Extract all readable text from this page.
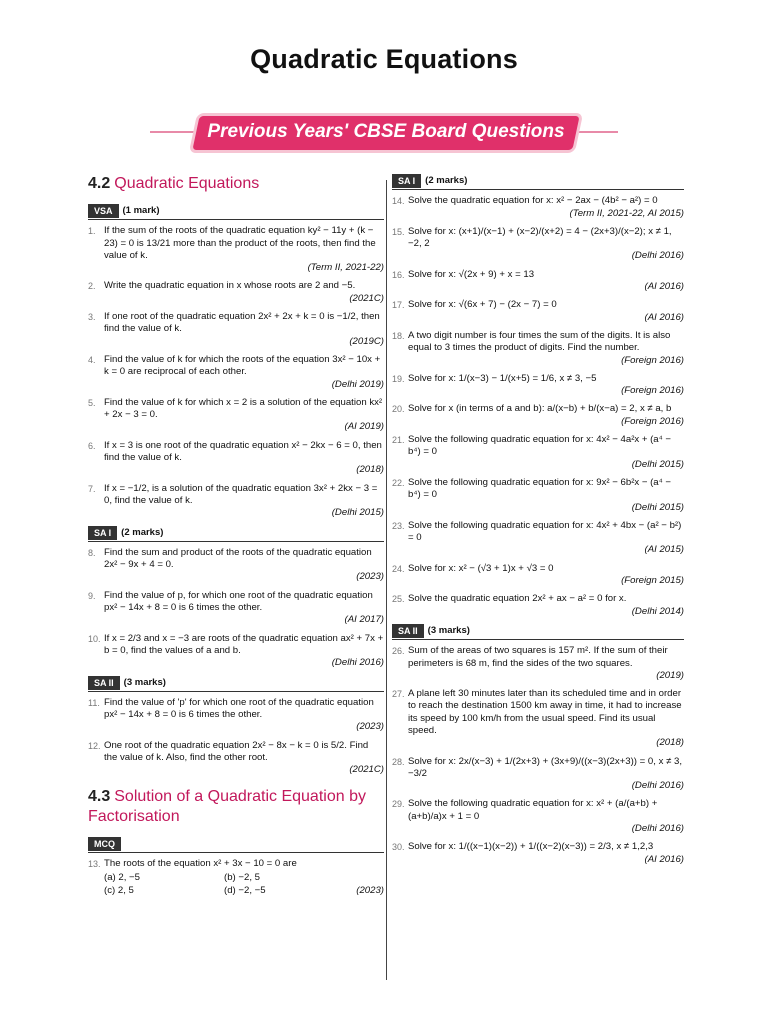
Quadratic Equations
Previous Years' CBSE Board Questions
4.2 Quadratic Equations
VSA	(1 mark)
1. If the sum of the roots of the quadratic equation ky² − 11y + (k − 23) = 0 is 13/21 more than the product of the roots, then find the value of k.
(Term II, 2021-22)
2. Write the quadratic equation in x whose roots are 2 and −5.
(2021C)
3. If one root of the quadratic equation 2x² + 2x + k = 0 is −1/2, then find the value of k.
(2019C)
4. Find the value of k for which the roots of the equation 3x² − 10x + k = 0 are reciprocal of each other.
(Delhi 2019)
5. Find the value of k for which x = 2 is a solution of the equation kx² + 2x − 3 = 0.
(AI 2019)
6. If x = 3 is one root of the quadratic equation x² − 2kx − 6 = 0, then find the value of k.
(2018)
7. If x = −1/2, is a solution of the quadratic equation 3x² + 2kx − 3 = 0, find the value of k.
(Delhi 2015)
SA I	(2 marks)
8. Find the sum and product of the roots of the quadratic equation 2x² − 9x + 4 = 0.
(2023)
9. Find the value of p, for which one root of the quadratic equation px² − 14x + 8 = 0 is 6 times the other.
(AI 2017)
10. If x = 2/3 and x = −3 are roots of the quadratic equation ax² + 7x + b = 0, find the values of a and b.
(Delhi 2016)
SA II	(3 marks)
11. Find the value of 'p' for which one root of the quadratic equation px² − 14x + 8 = 0 is 6 times the other.
(2023)
12. One root of the quadratic equation 2x² − 8x − k = 0 is 5/2. Find the value of k. Also, find the other root.
(2021C)
4.3 Solution of a Quadratic Equation by Factorisation
MCQ
13. The roots of the equation x² + 3x − 10 = 0 are
(a) 2, −5	(b) −2, 5
(c) 2, 5	(d) −2, −5	(2023)
SA I	(2 marks)
14. Solve the quadratic equation for x: x² − 2ax − (4b² − a²) = 0
(Term II, 2021-22, AI 2015)
15. Solve for x: (x+1)/(x−1) + (x−2)/(x+2) = 4 − (2x+3)/(x−2); x ≠ 1, −2, 2
(Delhi 2016)
16. Solve for x: √(2x + 9) + x = 13
(AI 2016)
17. Solve for x: √(6x + 7) − (2x − 7) = 0
(AI 2016)
18. A two digit number is four times the sum of the digits. It is also equal to 3 times the product of digits. Find the number.
(Foreign 2016)
19. Solve for x: 1/(x−3) − 1/(x+5) = 1/6, x ≠ 3, −5
(Foreign 2016)
20. Solve for x (in terms of a and b): a/(x−b) + b/(x−a) = 2, x ≠ a, b
(Foreign 2016)
21. Solve the following quadratic equation for x: 4x² − 4a²x + (a⁴ − b⁴) = 0
(Delhi 2015)
22. Solve the following quadratic equation for x: 9x² − 6b²x − (a⁴ − b⁴) = 0
(Delhi 2015)
23. Solve the following quadratic equation for x: 4x² + 4bx − (a² − b²) = 0
(AI 2015)
24. Solve for x: x² − (√3 + 1)x + √3 = 0
(Foreign 2015)
25. Solve the quadratic equation 2x² + ax − a² = 0 for x.
(Delhi 2014)
SA II	(3 marks)
26. Sum of the areas of two squares is 157 m². If the sum of their perimeters is 68 m, find the sides of the two squares.
(2019)
27. A plane left 30 minutes later than its scheduled time and in order to reach the destination 1500 km away in time, it had to increase its speed by 100 km/h from the usual speed. Find its usual speed.
(2018)
28. Solve for x: 2x/(x−3) + 1/(2x+3) + (3x+9)/((x−3)(2x+3)) = 0, x ≠ 3, −3/2
(Delhi 2016)
29. Solve the following quadratic equation for x: x² + (a/(a+b) + (a+b)/a)x + 1 = 0
(Delhi 2016)
30. Solve for x: 1/((x−1)(x−2)) + 1/((x−2)(x−3)) = 2/3, x ≠ 1,2,3
(AI 2016)
